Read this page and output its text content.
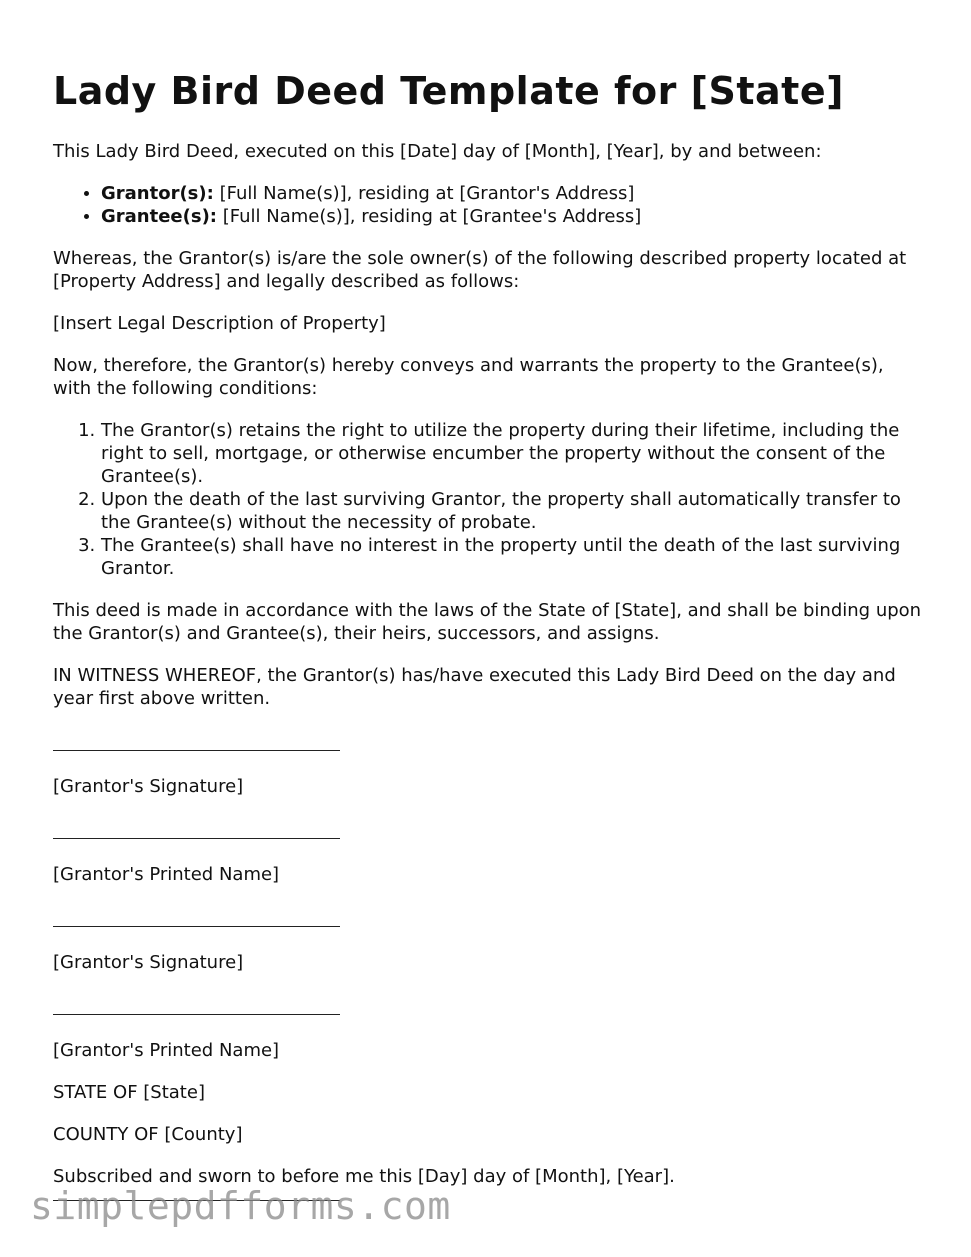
Lady Bird Deed Template for [State]

This Lady Bird Deed, executed on this [Date] day of [Month], [Year], by and between:

• Grantor(s): [Full Name(s)], residing at [Grantor's Address]
• Grantee(s): [Full Name(s)], residing at [Grantee's Address]

Whereas, the Grantor(s) is/are the sole owner(s) of the following described property located at [Property Address] and legally described as follows:

[Insert Legal Description of Property]

Now, therefore, the Grantor(s) hereby conveys and warrants the property to the Grantee(s), with the following conditions:

1. The Grantor(s) retains the right to utilize the property during their lifetime, including the right to sell, mortgage, or otherwise encumber the property without the consent of the Grantee(s).
2. Upon the death of the last surviving Grantor, the property shall automatically transfer to the Grantee(s) without the necessity of probate.
3. The Grantee(s) shall have no interest in the property until the death of the last surviving Grantor.

This deed is made in accordance with the laws of the State of [State], and shall be binding upon the Grantor(s) and Grantee(s), their heirs, successors, and assigns.

IN WITNESS WHEREOF, the Grantor(s) has/have executed this Lady Bird Deed on the day and year first above written.

[Grantor's Signature]

[Grantor's Printed Name]

[Grantor's Signature]

[Grantor's Printed Name]

STATE OF [State]

COUNTY OF [County]

Subscribed and sworn to before me this [Day] day of [Month], [Year].

simplepdfforms.com
